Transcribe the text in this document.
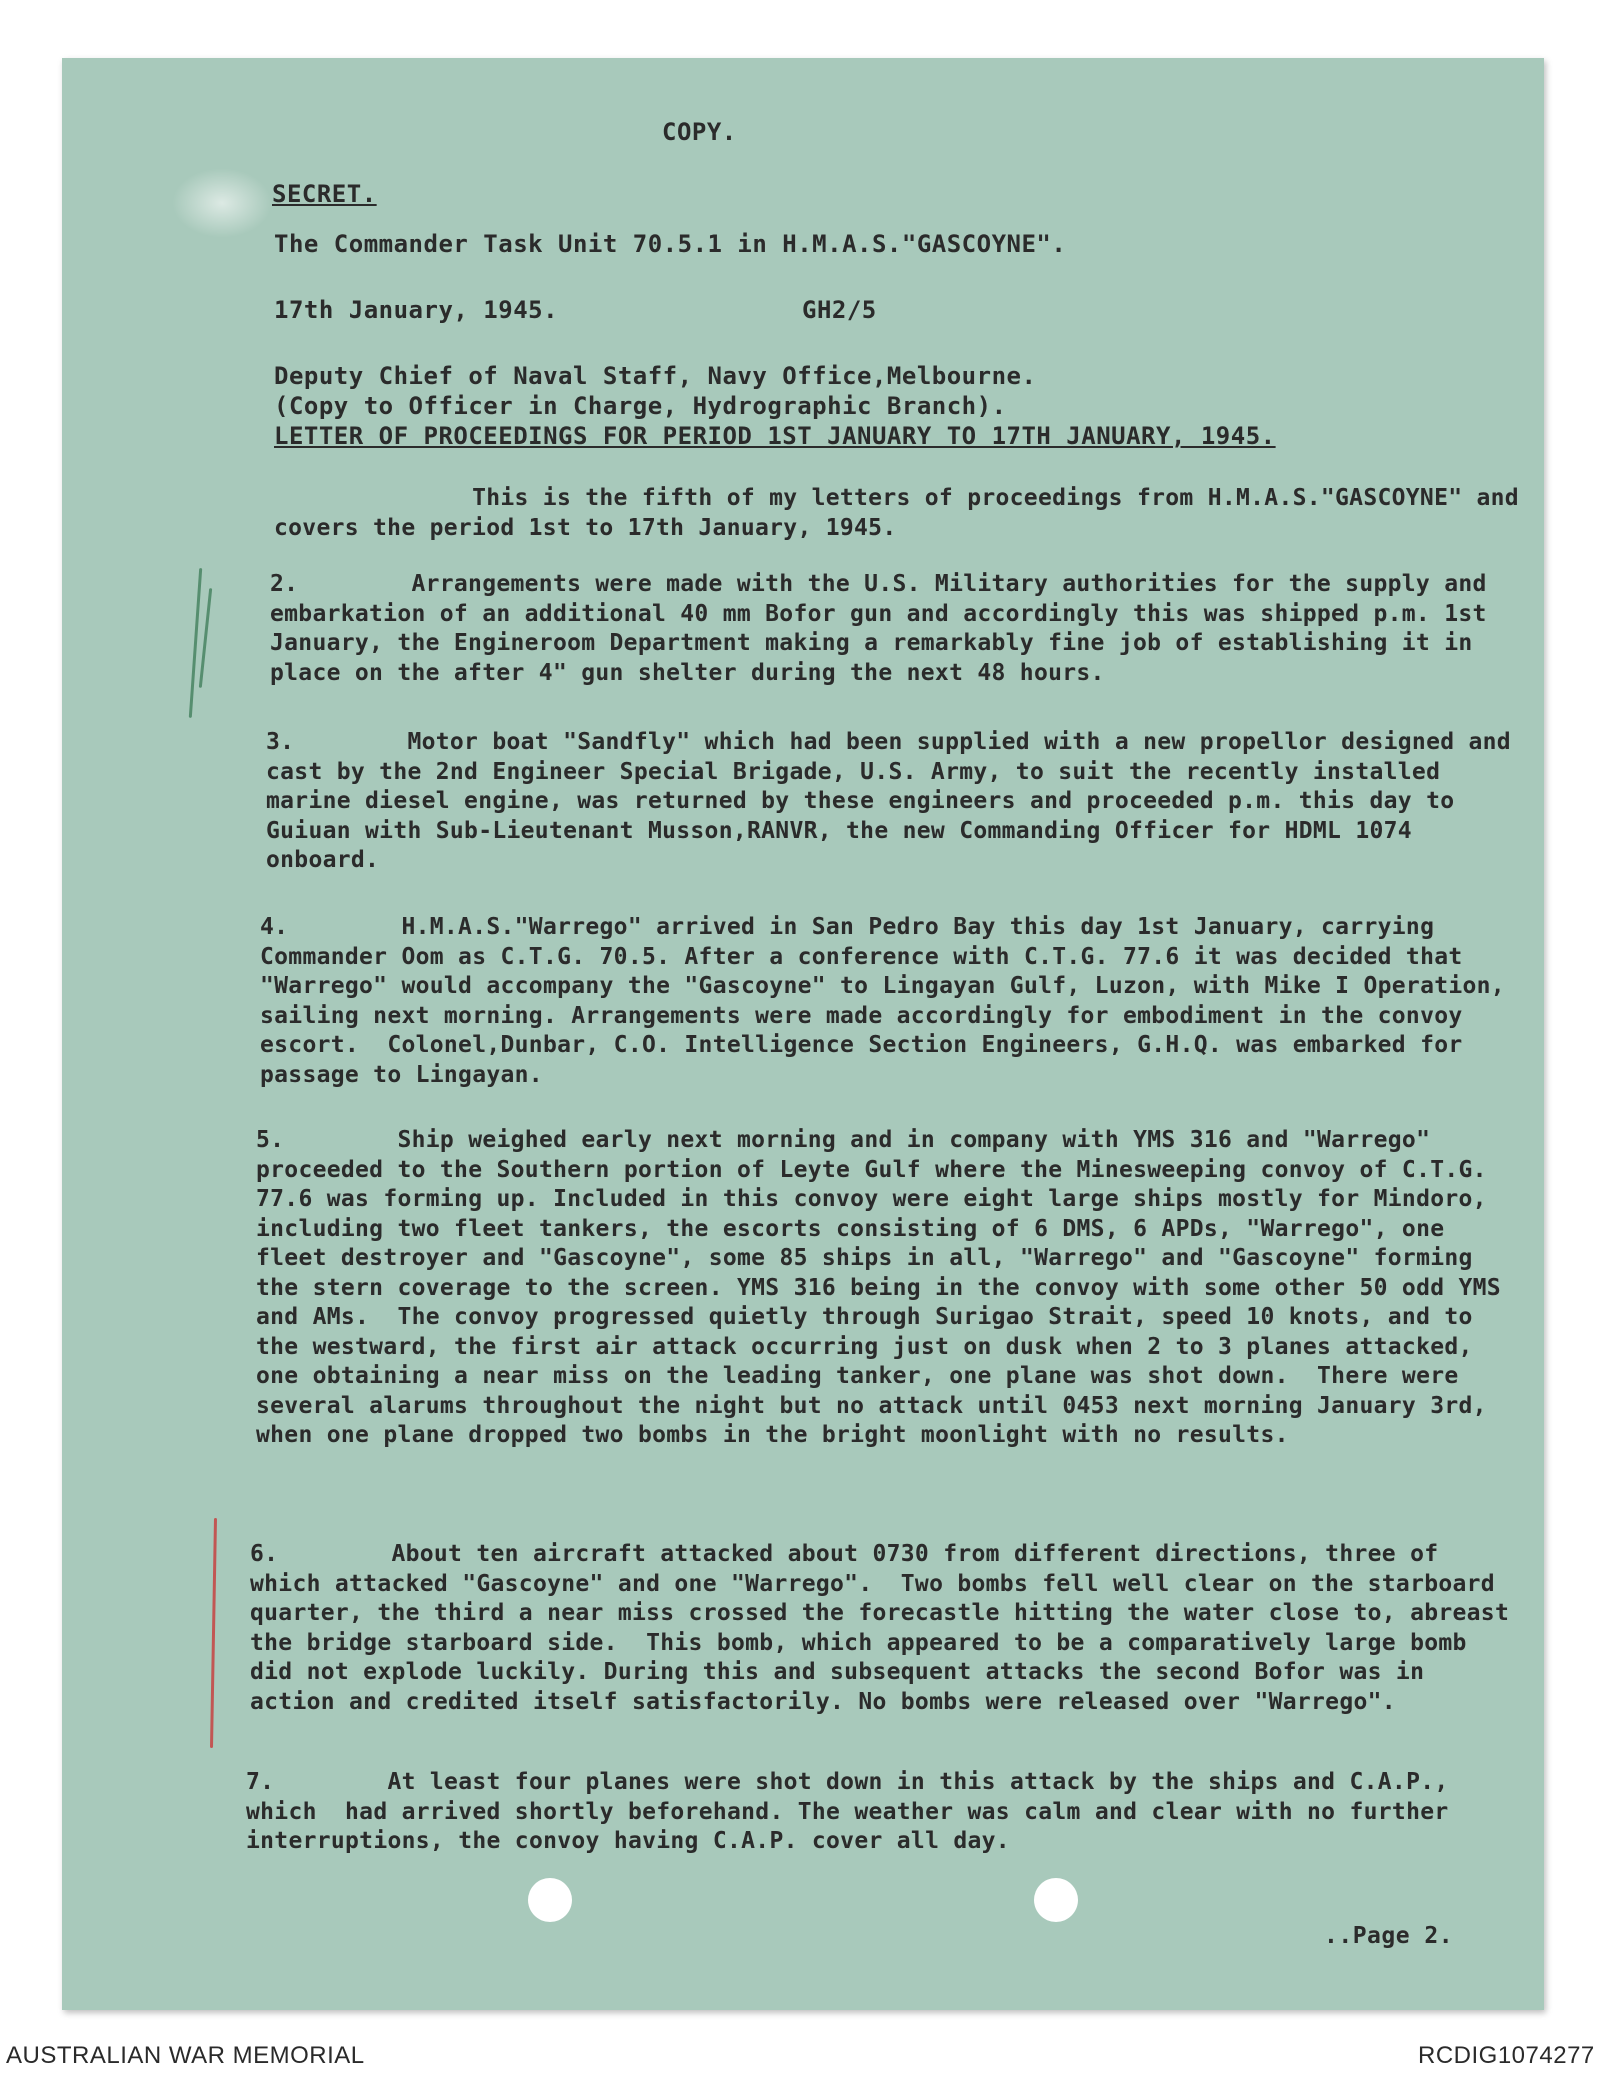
COPY.
SECRET.
The Commander Task Unit 70.5.1 in H.M.A.S."GASCOYNE".
17th January, 1945.	GH2/5
Deputy Chief of Naval Staff, Navy Office,Melbourne.
(Copy to Officer in Charge, Hydrographic Branch).
LETTER OF PROCEEDINGS FOR PERIOD 1ST JANUARY TO 17TH JANUARY, 1945.
This is the fifth of my letters of proceedings from H.M.A.S."GASCOYNE" and covers the period 1st to 17th January, 1945.
2.        Arrangements were made with the U.S. Military authorities for the supply and embarkation of an additional 40 mm Bofor gun and accordingly this was shipped p.m. 1st January, the Engineroom Department making a remarkably fine job of establishing it in place on the after 4" gun shelter during the next 48 hours.
3.        Motor boat "Sandfly" which had been supplied with a new propellor designed and cast by the 2nd Engineer Special Brigade, U.S. Army, to suit the recently installed marine diesel engine, was returned by these engineers and proceeded p.m. this day to Guiuan with Sub-Lieutenant Musson,RANVR, the new Commanding Officer for HDML 1074 onboard.
4.        H.M.A.S."Warrego" arrived in San Pedro Bay this day 1st January, carrying Commander Oom as C.T.G. 70.5. After a conference with C.T.G. 77.6 it was decided that "Warrego" would accompany the "Gascoyne" to Lingayan Gulf, Luzon, with Mike I Operation, sailing next morning. Arrangements were made accordingly for embodiment in the convoy escort.  Colonel,Dunbar, C.O. Intelligence Section Engineers, G.H.Q. was embarked for passage to Lingayan.
5.        Ship weighed early next morning and in company with YMS 316 and "Warrego" proceeded to the Southern portion of Leyte Gulf where the Minesweeping convoy of C.T.G. 77.6 was forming up. Included in this convoy were eight large ships mostly for Mindoro, including two fleet tankers, the escorts consisting of 6 DMS, 6 APDs, "Warrego", one fleet destroyer and "Gascoyne", some 85 ships in all, "Warrego" and "Gascoyne" forming the stern coverage to the screen. YMS 316 being in the convoy with some other 50 odd YMS and AMs.  The convoy progressed quietly through Surigao Strait, speed 10 knots, and to the westward, the first air attack occurring just on dusk when 2 to 3 planes attacked, one obtaining a near miss on the leading tanker, one plane was shot down.  There were several alarums throughout the night but no attack until 0453 next morning January 3rd, when one plane dropped two bombs in the bright moonlight with no results.
6.        About ten aircraft attacked about 0730 from different directions, three of which attacked "Gascoyne" and one "Warrego".  Two bombs fell well clear on the starboard quarter, the third a near miss crossed the forecastle hitting the water close to, abreast the bridge starboard side.  This bomb, which appeared to be a comparatively large bomb did not explode luckily. During this and subsequent attacks the second Bofor was in action and credited itself satisfactorily. No bombs were released over "Warrego".
7.        At least four planes were shot down in this attack by the ships and C.A.P., which  had arrived shortly beforehand. The weather was calm and clear with no further interruptions, the convoy having C.A.P. cover all day.
..Page 2.
AUSTRALIAN WAR MEMORIAL	RCDIG1074277
